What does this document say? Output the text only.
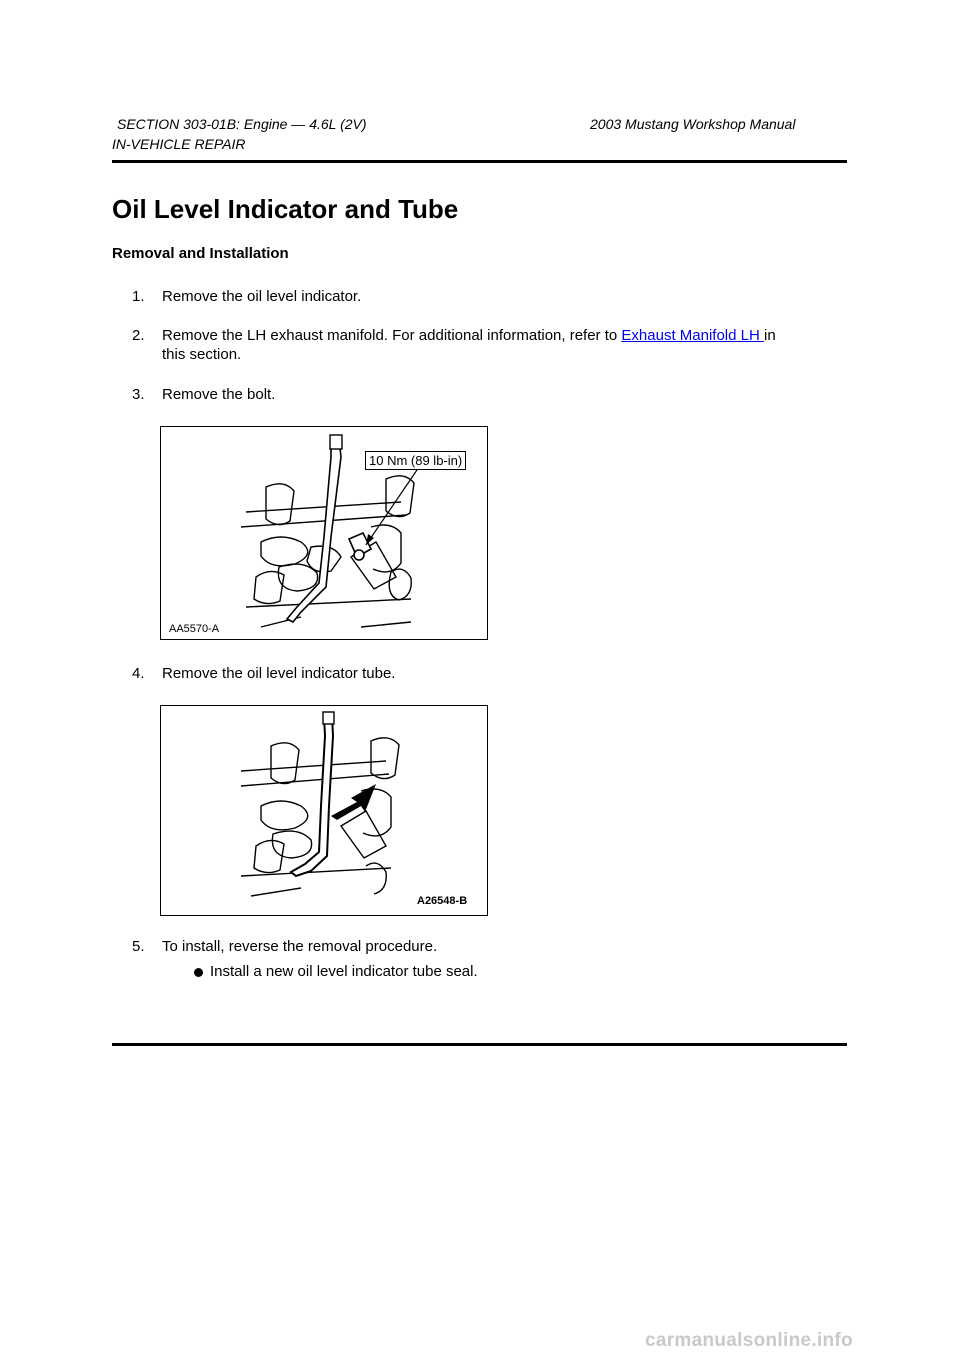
SECTION 303-01B: Engine — 4.6L (2V)	2003 Mustang Workshop Manual
IN-VEHICLE REPAIR
Oil Level Indicator and Tube
Removal and Installation
1. Remove the oil level indicator.
2. Remove the LH exhaust manifold. For additional information, refer to Exhaust Manifold LH in
this section.
3. Remove the bolt.
10 Nm (89 lb-in)
AA5570-A
4. Remove the oil level indicator tube.
A26548-B
5. To install, reverse the removal procedure.
Install a new oil level indicator tube seal.
carmanualsonline.info
